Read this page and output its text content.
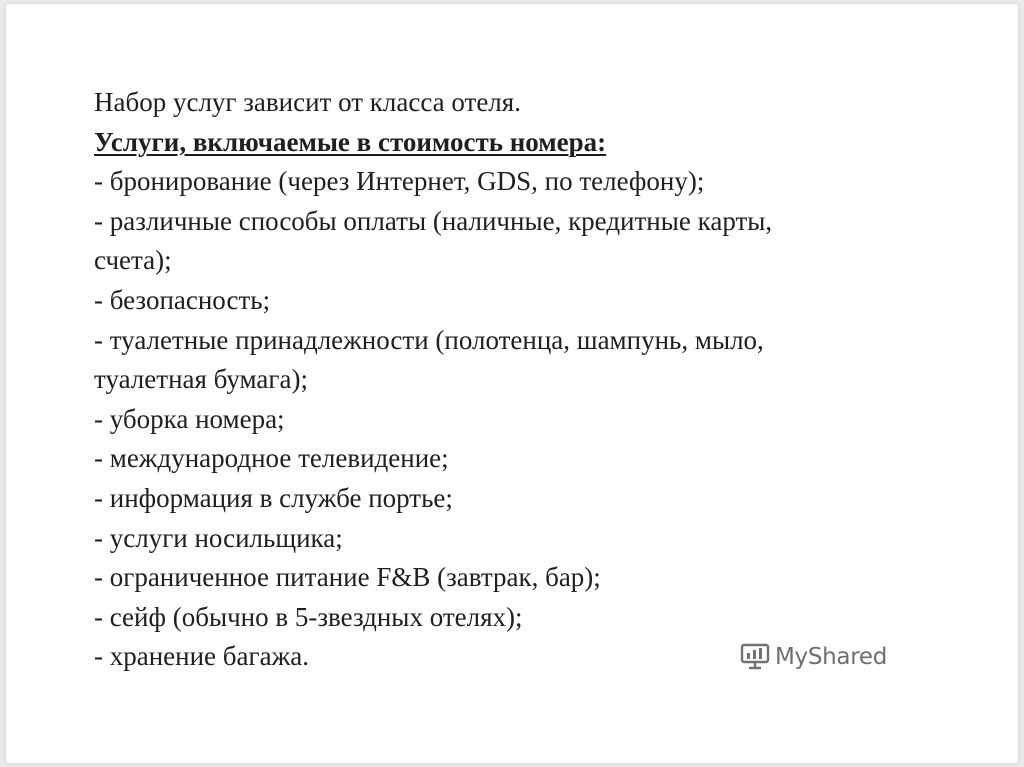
Набор услуг зависит от класса отеля.
Услуги, включаемые в стоимость номера:
- бронирование (через Интернет, GDS, по телефону);
- различные способы оплаты (наличные, кредитные карты,
счета);
- безопасность;
- туалетные принадлежности (полотенца, шампунь, мыло,
туалетная бумага);
- уборка номера;
- международное телевидение;
- информация в службе портье;
- услуги носильщика;
- ограниченное питание F&B (завтрак, бар);
- сейф (обычно в 5-звездных отелях);
- хранение багажа.	MyShared
